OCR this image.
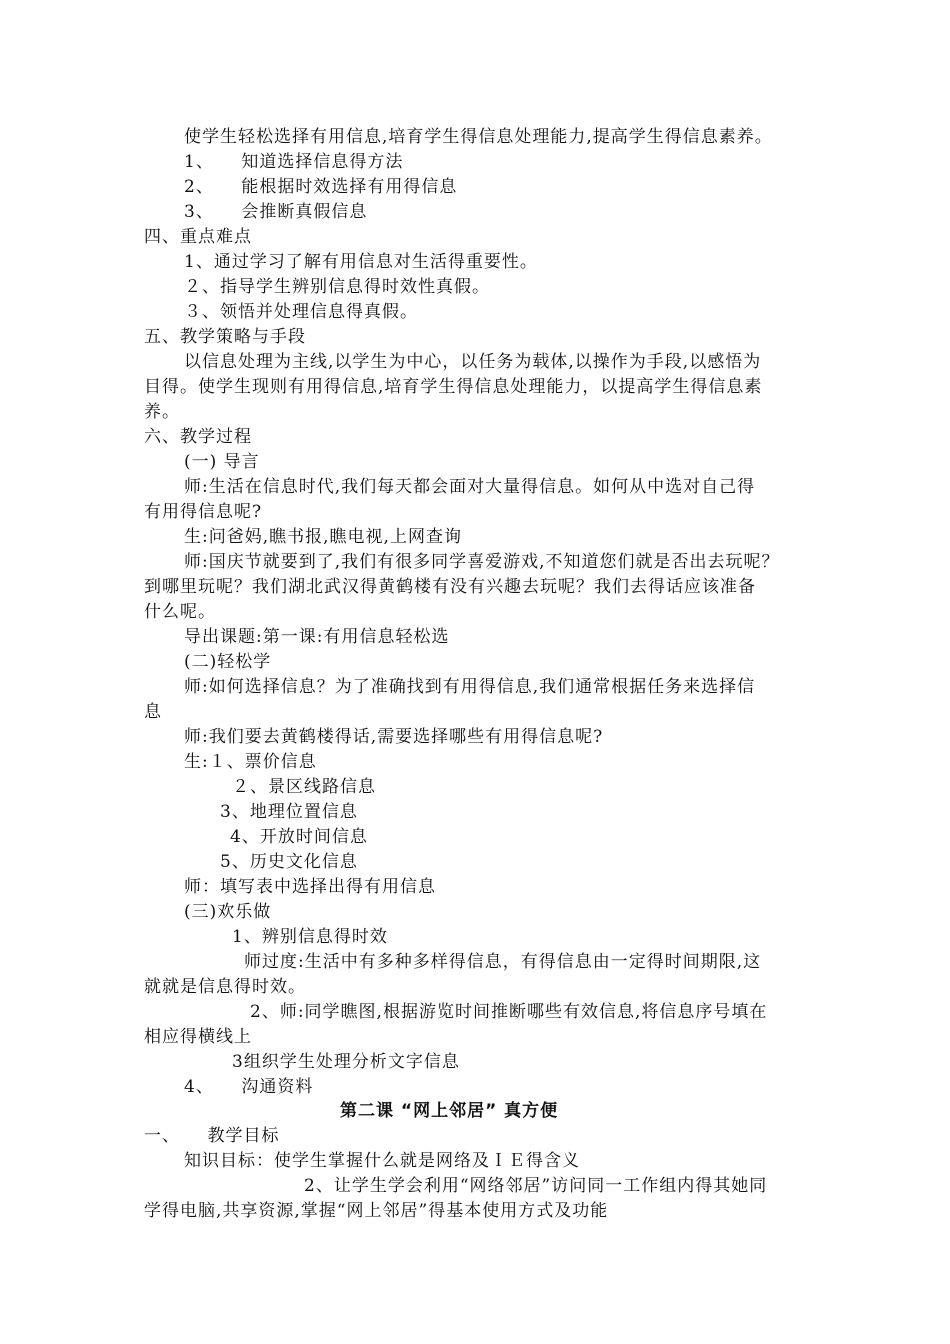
使学生轻松选择有用信息,培育学生得信息处理能力,提高学生得信息素养。
1、　　知道选择信息得方法
2、　　能根据时效选择有用得信息
3、　　会推断真假信息
四、重点难点
1、通过学习了解有用信息对生活得重要性。
２、指导学生辨别信息得时效性真假。
３、领悟并处理信息得真假。
五、教学策略与手段
以信息处理为主线,以学生为中心，以任务为载体,以操作为手段,以感悟为
目得。使学生现则有用得信息,培育学生得信息处理能力，以提高学生得信息素
养。
六、教学过程
(一) 导言
师:生活在信息时代,我们每天都会面对大量得信息。如何从中选对自己得
有用得信息呢?
生:问爸妈,瞧书报,瞧电视,上网查询
师:国庆节就要到了,我们有很多同学喜爱游戏,不知道您们就是否出去玩呢？
到哪里玩呢？我们湖北武汉得黄鹤楼有没有兴趣去玩呢？我们去得话应该准备
什么呢。
导出课题:第一课:有用信息轻松选
(二)轻松学
师:如何选择信息？为了准确找到有用得信息,我们通常根据任务来选择信
息
师:我们要去黄鹤楼得话,需要选择哪些有用得信息呢?
生:１、票价信息
２、景区线路信息
3、地理位置信息
4、开放时间信息
5、历史文化信息
师：填写表中选择出得有用信息
(三)欢乐做
1、辨别信息得时效
师过度:生活中有多种多样得信息，有得信息由一定得时间期限,这
就就是信息得时效。
2、师:同学瞧图,根据游览时间推断哪些有效信息,将信息序号填在
相应得横线上
3组织学生处理分析文字信息
4、　　沟通资料
第二课 “网上邻居” 真方便
一、　　教学目标
知识目标：使学生掌握什么就是网络及ＩＥ得含义
2、让学生学会利用“网络邻居”访问同一工作组内得其她同
学得电脑,共享资源,掌握“网上邻居”得基本使用方式及功能
